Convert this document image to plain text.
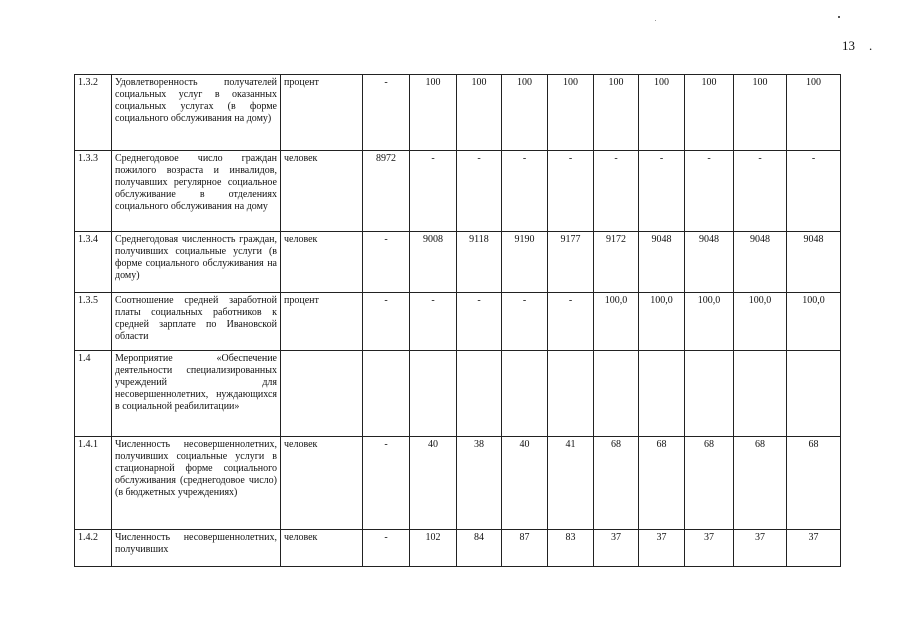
13 .
1.3.2	Удовлетворенность получателей социальных услуг в оказанных социальных услугах (в форме социального обслуживания на дому)	процент	-	100	100	100	100	100	100	100	100	100
1.3.3	Среднегодовое число граждан пожилого возраста и инвалидов, получавших регулярное социальное обслуживание в отделениях социального обслуживания на дому	человек	8972	-	-	-	-	-	-	-	-	-
1.3.4	Среднегодовая численность граждан, получивших социальные услуги (в форме социального обслуживания на дому)	человек	-	9008	9118	9190	9177	9172	9048	9048	9048	9048
1.3.5	Соотношение средней заработной платы социальных работников к средней зарплате по Ивановской области	процент	-	-	-	-	-	100,0	100,0	100,0	100,0	100,0
1.4	Мероприятие «Обеспечение деятельности специализированных учреждений для несовершеннолетних, нуждающихся в социальной реабилитации»											
1.4.1	Численность несовершеннолетних, получивших социальные услуги в стационарной форме социального обслуживания (среднегодовое число) (в бюджетных учреждениях)	человек	-	40	38	40	41	68	68	68	68	68
1.4.2	Численность несовершеннолетних, получивших	человек	-	102	84	87	83	37	37	37	37	37
